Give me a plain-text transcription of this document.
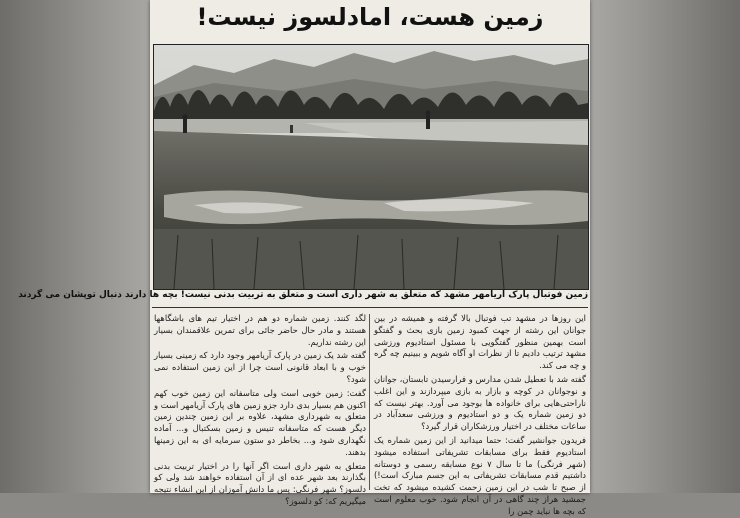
زمین هست، امادلسوز نیست!
زمین فوتبال پارک اریامهر مشهد که متعلق به شهر داری است و متعلق به تربیت بدنی نیست! بچه ها دارند دنبال توپشان می گردند

این روزها در مشهد تب فوتبال بالا گرفته و همیشه در بین جوانان این رشته از جهت کمبود زمین بازی بحث و گفتگو است بهمین منظور گفتگویی با مسئول استادیوم ورزشی مشهد ترتیب دادیم تا از نظرات او آگاه شویم و ببینیم چه گره و چه می کند.

گفته شد با تعطیل شدن مدارس و فرارسیدن تابستان، جوانان و نوجوانان در کوچه و بازار به بازی میپردازند و این اغلب ناراحتی‌هایی برای خانواده ها بوجود می آورد. بهتر نیست که دو زمین شماره یک و دو استادیوم و ورزشی سعدآباد در ساعات مختلف در اختیار ورزشکاران قرار گیرد؟

فریدون جوانشیر گفت: حتما میدانید از این زمین شماره یک استادیوم فقط برای مسابقات تشریفاتی استفاده میشود (شهر فرنگی) ما تا سال ۷ نوع مسابقه رسمی و دوستانه داشتیم قدم مسابقات تشریفاتی به این جسم مبارک است!) از صبح تا شب در این زمین زحمت کشیده میشود که تخت جمشید هراز چند گاهی در آن انجام شود. خوب معلوم است که بچه ها نباید چمن را

لگد کنند. زمین شماره دو هم در اختیار تیم های باشگاهها هستند و مادر حال حاضر جائی برای تمرین علاقمندان بسیار این رشته نداریم.

گفته شد یک زمین در پارک آریامهر وجود دارد که زمینی بسیار خوب و با ابعاد قانونی است چرا از این زمین استفاده نمی شود؟

گفت: زمین خوبی است ولی متاسفانه این زمین خوب کهم اکنون هم بسیار بدی دارد جزو زمین های پارک آریامهر است و متعلق به شهرداری مشهد، علاوه بر این زمین چندین زمین دیگر هست که متاسفانه تنیس و زمین بسکتبال و... آماده نگهداری شود و... بخاطر دو ستون سرمایه ای به این زمینها بدهند.

متعلق به شهر داری است اگر آنها را در اختیار تربیت بدنی بگذارند بعد شهر عده ای از آن استفاده خواهند شد ولی کو دلسوز؟ شهر فرنگی: پس ما دانش آموزان از این انشاء نتیجه میگیریم که: کو دلسوز؟
